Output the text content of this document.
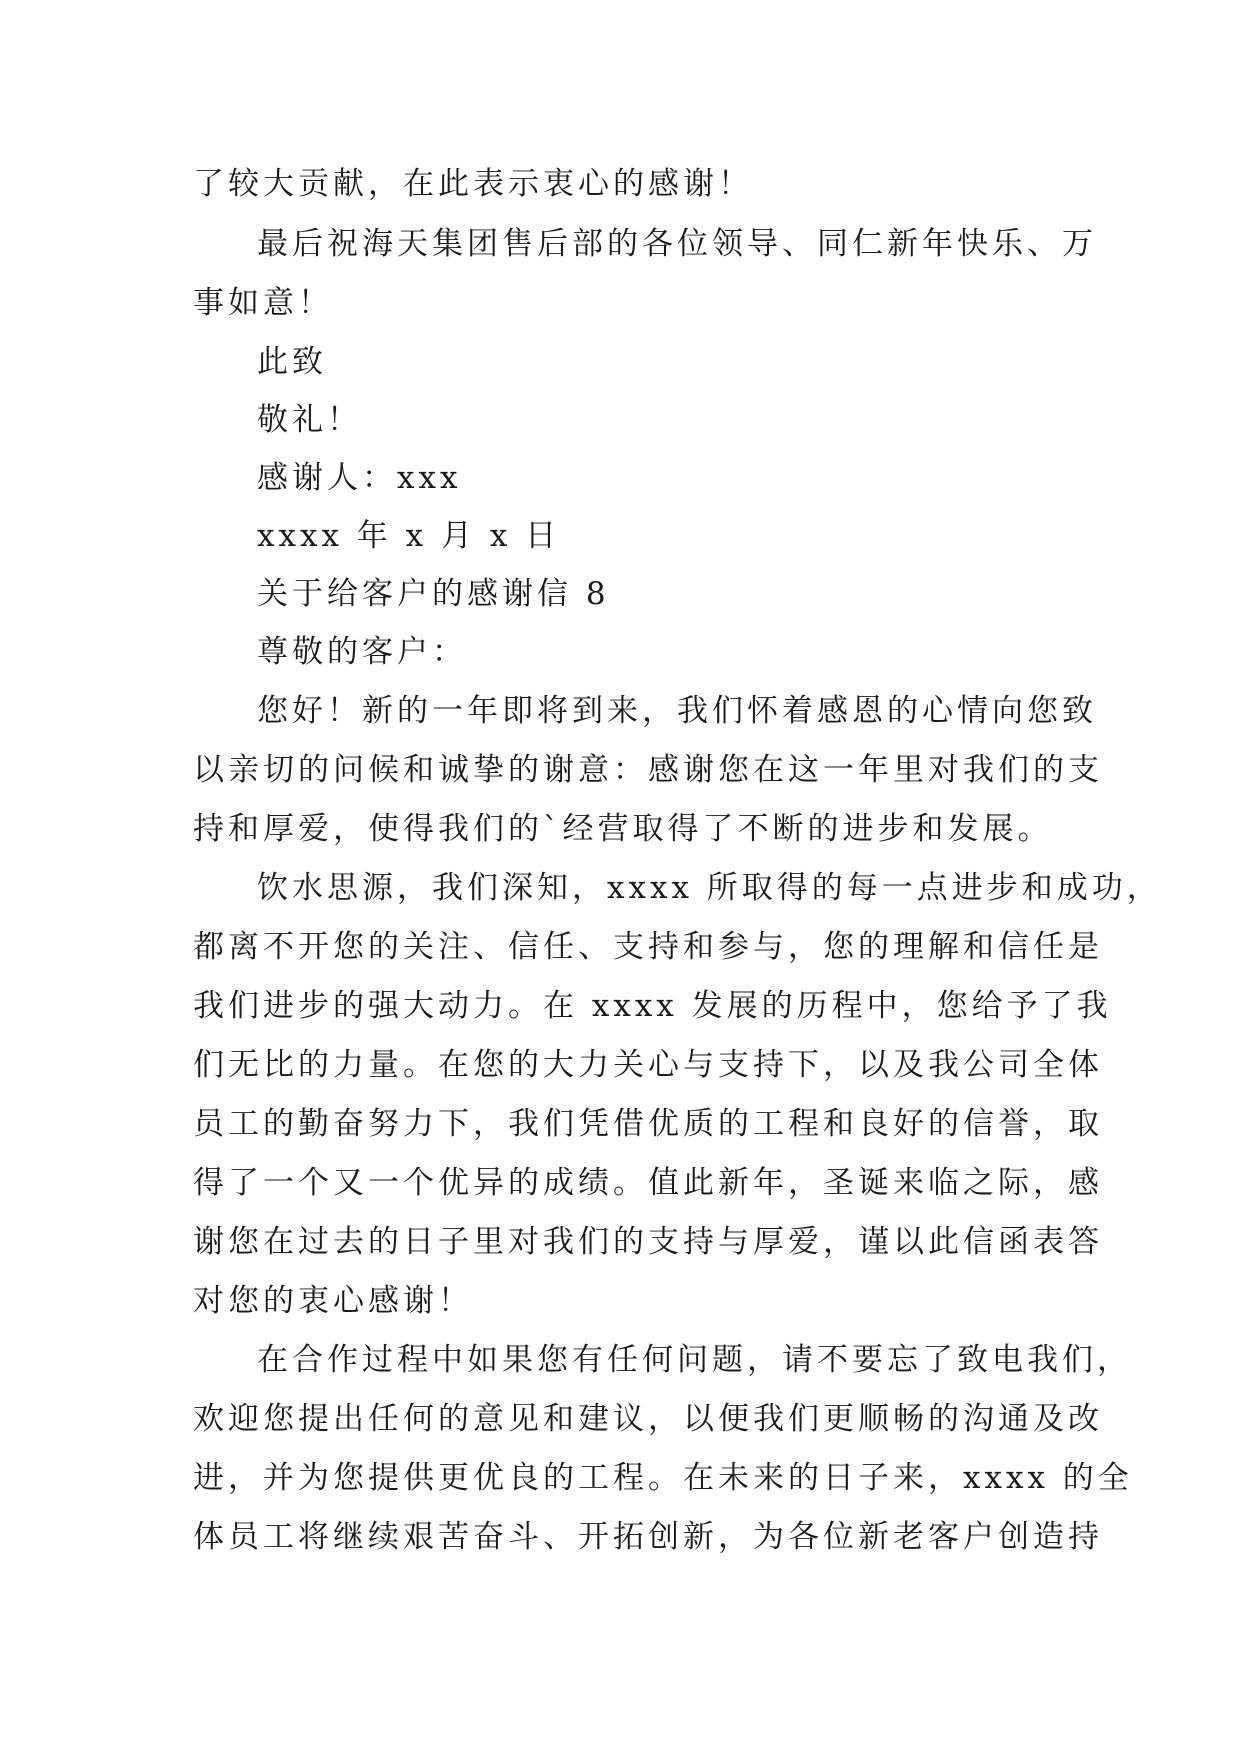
了较大贡献，在此表示衷心的感谢！
最后祝海天集团售后部的各位领导、同仁新年快乐、万
事如意！
此致
敬礼！
感谢人：xxx
xxxx 年 x 月 x 日
关于给客户的感谢信 8
尊敬的客户：
您好！新的一年即将到来，我们怀着感恩的心情向您致
以亲切的问候和诚挚的谢意：感谢您在这一年里对我们的支
持和厚爱，使得我们的`经营取得了不断的进步和发展。
饮水思源，我们深知，xxxx 所取得的每一点进步和成功，
都离不开您的关注、信任、支持和参与，您的理解和信任是
我们进步的强大动力。在 xxxx 发展的历程中，您给予了我
们无比的力量。在您的大力关心与支持下，以及我公司全体
员工的勤奋努力下，我们凭借优质的工程和良好的信誉，取
得了一个又一个优异的成绩。值此新年，圣诞来临之际，感
谢您在过去的日子里对我们的支持与厚爱，谨以此信函表答
对您的衷心感谢！
在合作过程中如果您有任何问题，请不要忘了致电我们，
欢迎您提出任何的意见和建议，以便我们更顺畅的沟通及改
进，并为您提供更优良的工程。在未来的日子来，xxxx 的全
体员工将继续艰苦奋斗、开拓创新，为各位新老客户创造持
